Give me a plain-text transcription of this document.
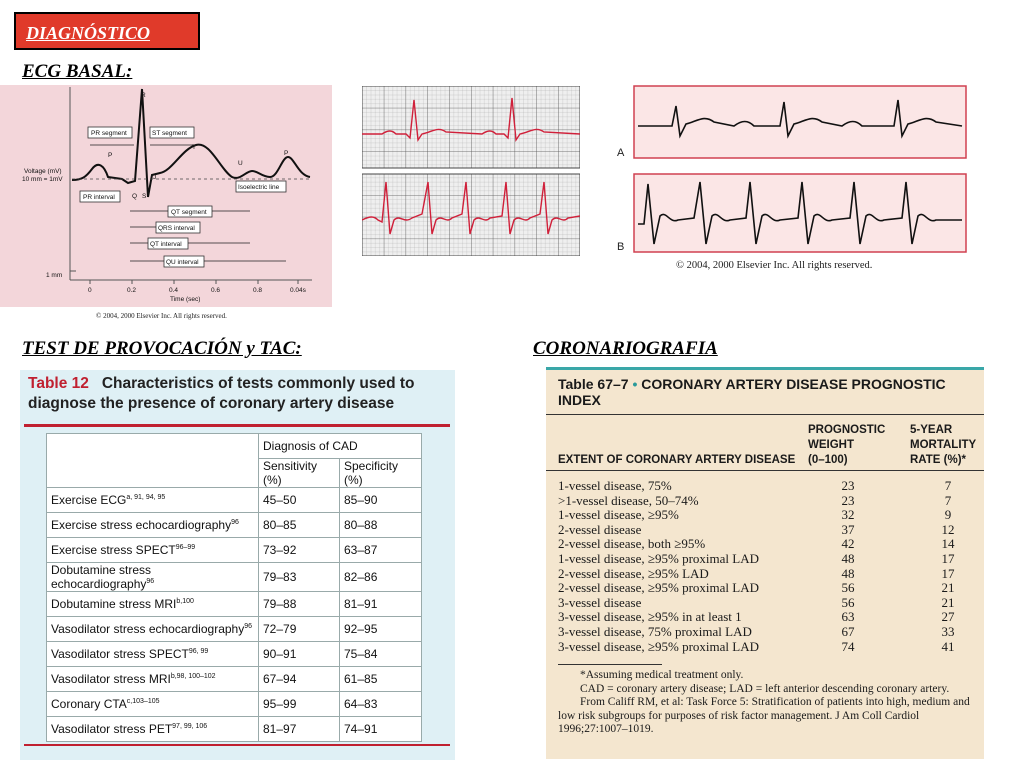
DIAGNÓSTICO
ECG BASAL:
TEST DE PROVOCACIÓN y TAC:	CORONARIOGRAFIA
R
P	P
T
U
Q S
J
PR segment	ST segment
PR interval
Isoelectric line
QT segment
QRS interval
QT interval
QU interval
Voltage (mV)
10 mm = 1mV
1 mm
Time (sec)
0	0.2	0.4	0.6	0.8	0.04s
© 2004, 2000 Elsevier Inc. All rights reserved.
A
B
© 2004, 2000 Elsevier Inc. All rights reserved.
Table 12 Characteristics of tests commonly used to diagnose the presence of coronary artery disease
	Diagnosis of CAD	
	Sensitivity (%)	Specificity (%)
Exercise ECG$^{a, 91, 94, 95}$	45–50	85–90
Exercise stress echocardiography$^{96}$	80–85	80–88
Exercise stress SPECT$^{96-99}$	73–92	63–87
Dobutamine stress echocardiography$^{96}$	79–83	82–86
Dobutamine stress MRI$^{b,100}$	79–88	81–91
Vasodilator stress echocardiography$^{96}$	72–79	92–95
Vasodilator stress SPECT$^{96, 99}$	90–91	75–84
Vasodilator stress MRI$^{b,98, 100-102}$	67–94	61–85
Coronary CTA$^{c,103-105}$	95–99	64–83
Vasodilator stress PET$^{97, 99, 106}$	81–97	74–91
Table 67–7 • CORONARY ARTERY DISEASE PROGNOSTIC INDEX
EXTENT OF CORONARY ARTERY DISEASE
PROGNOSTIC
WEIGHT
(0–100)
5-YEAR
MORTALITY
RATE (%)*
1-vessel disease, 75%	23	7
>1-vessel disease, 50–74%	23	7
1-vessel disease, ≥95%	32	9
2-vessel disease	37	12
2-vessel disease, both ≥95%	42	14
1-vessel disease, ≥95% proximal LAD	48	17
2-vessel disease, ≥95% LAD	48	17
2-vessel disease, ≥95% proximal LAD	56	21
3-vessel disease	56	21
3-vessel disease, ≥95% in at least 1	63	27
3-vessel disease, 75% proximal LAD	67	33
3-vessel disease, ≥95% proximal LAD	74	41
*Assuming medical treatment only.
CAD = coronary artery disease; LAD = left anterior descending coronary artery.
From Califf RM, et al: Task Force 5: Stratification of patients into high, medium and low risk subgroups for purposes of risk factor management. J Am Coll Cardiol 1996;27:1007–1019.
